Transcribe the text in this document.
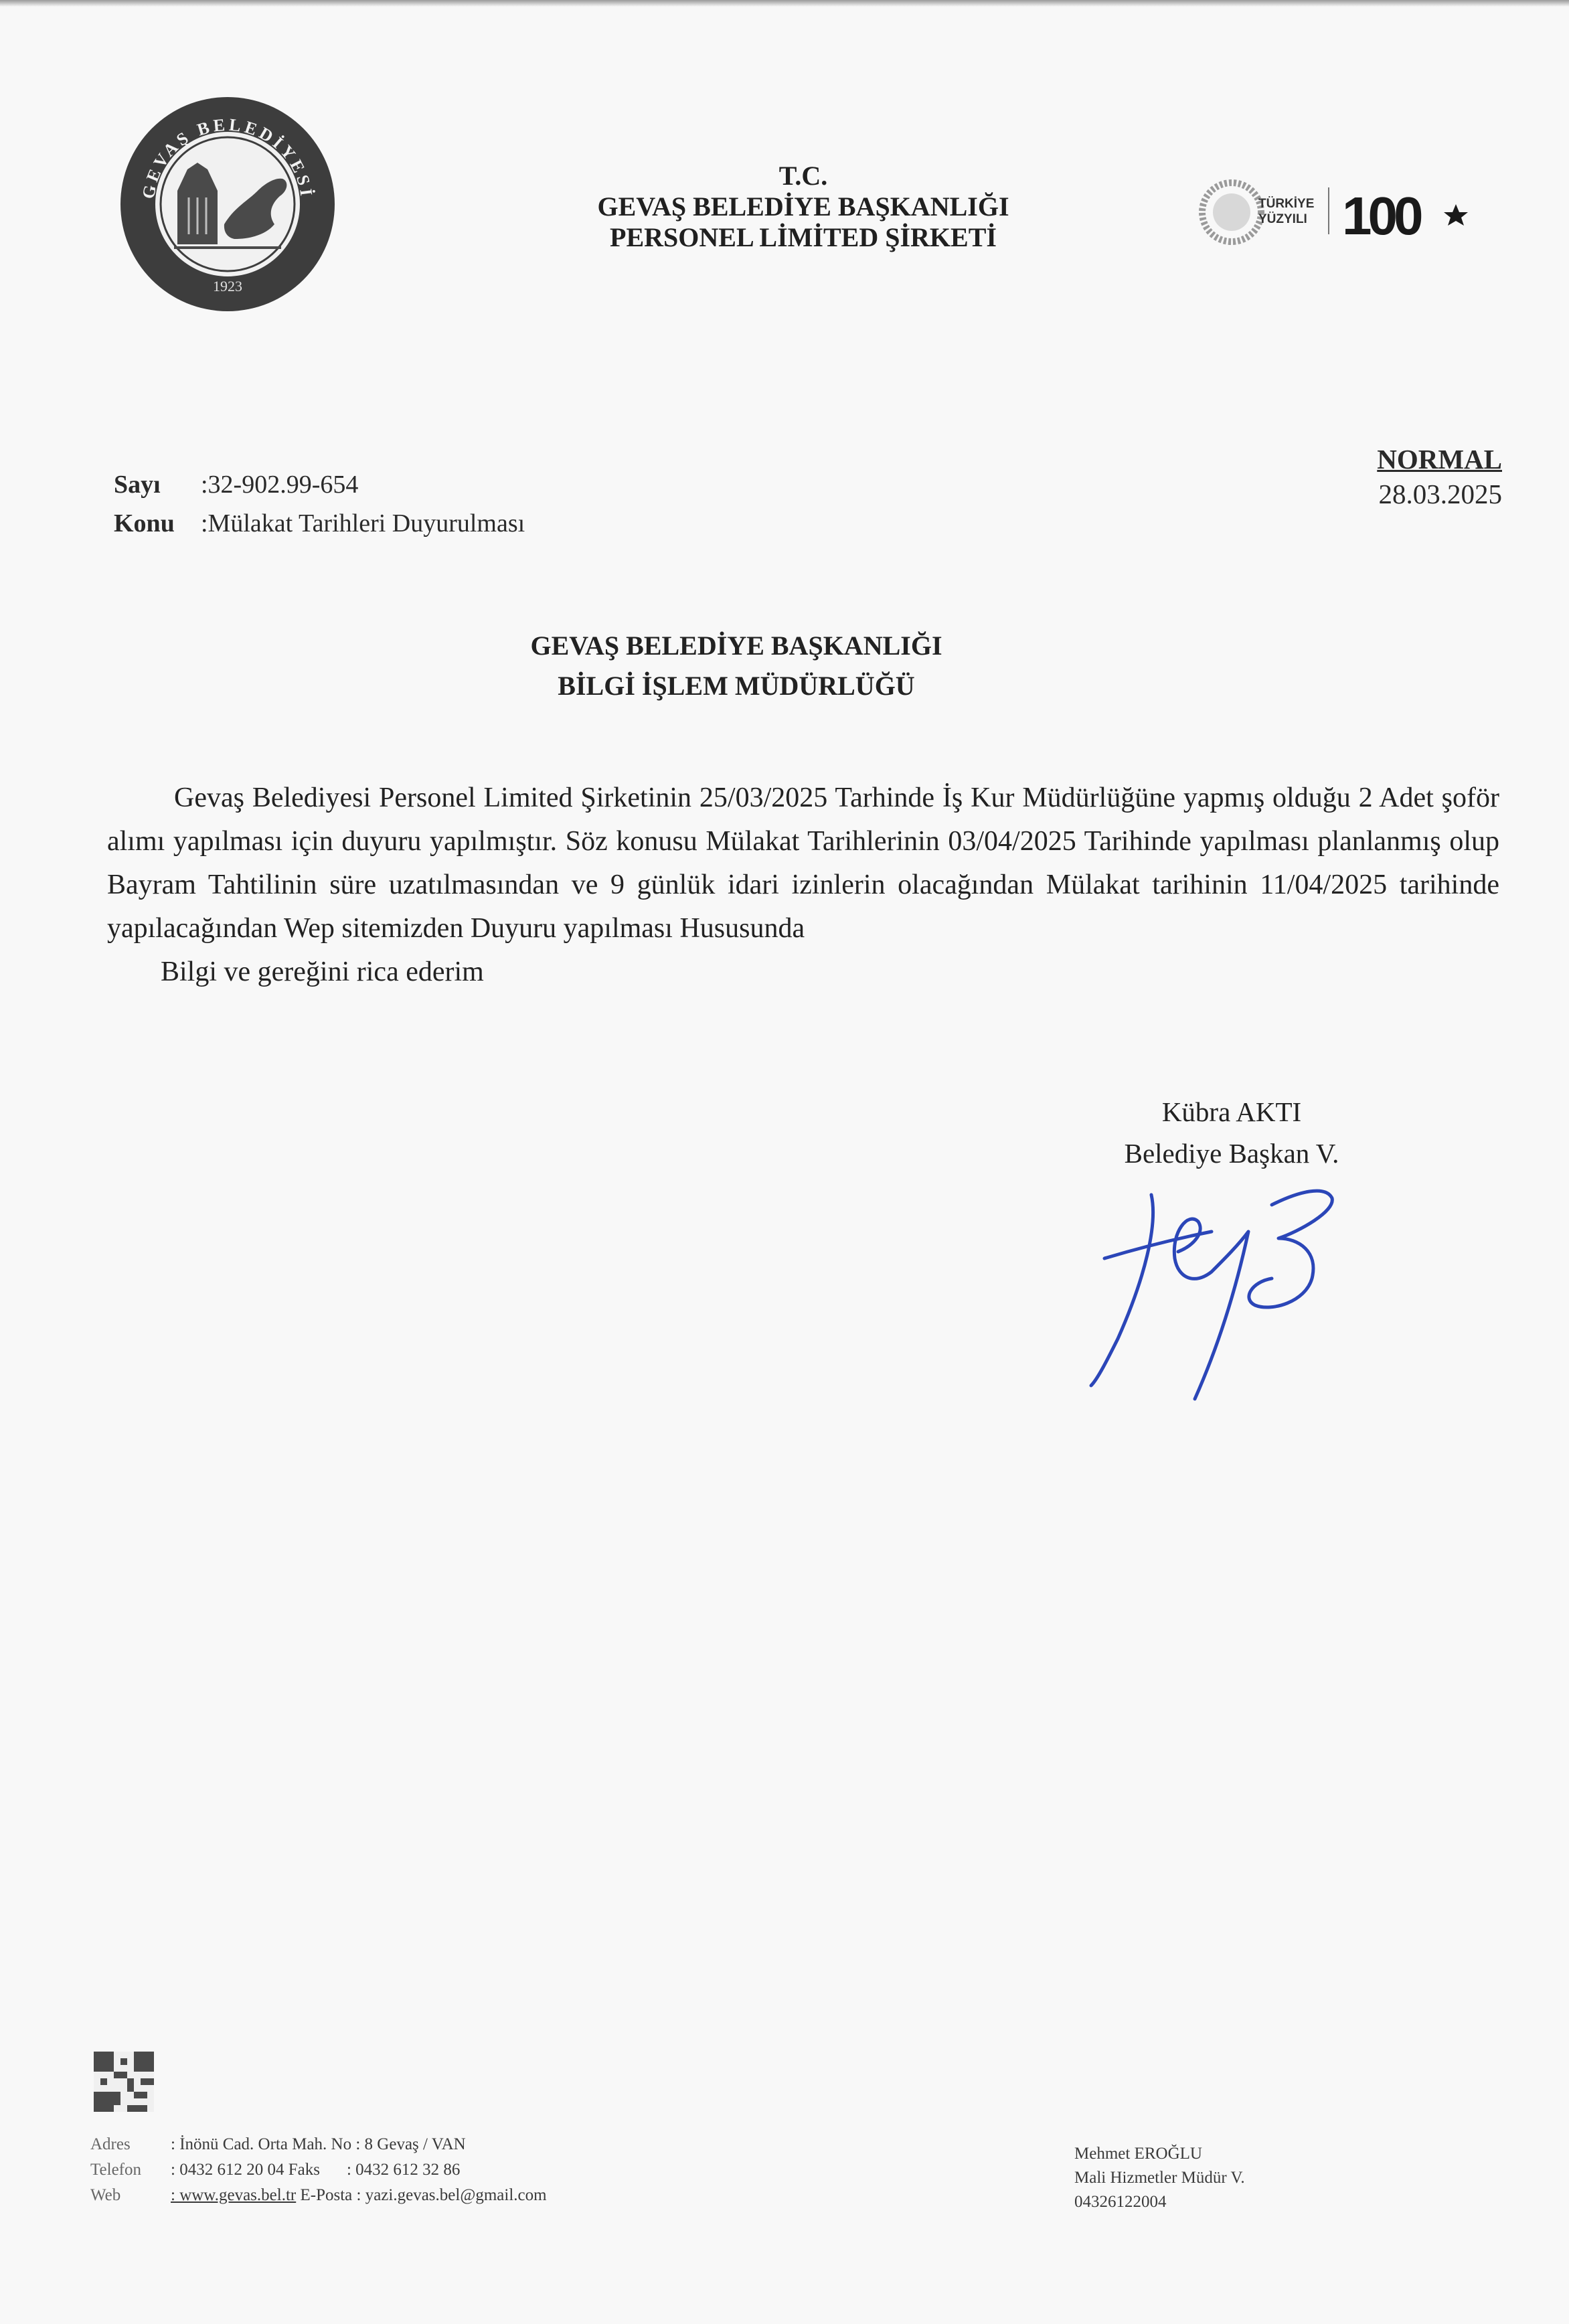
GEVAŞ BELEDİYESİ
1923
T.C.
GEVAŞ BELEDİYE BAŞKANLIĞI
PERSONEL LİMİTED ŞİRKETİ
TÜRKİYE
YÜZYILI 100
Sayı :32-902.99-654
Konu :Mülakat Tarihleri Duyurulması
NORMAL
28.03.2025
GEVAŞ BELEDİYE BAŞKANLIĞI
BİLGİ İŞLEM MÜDÜRLÜĞÜ

Gevaş Belediyesi Personel Limited Şirketinin 25/03/2025 Tarhinde İş Kur Müdürlüğüne yapmış olduğu 2 Adet şoför alımı yapılması için duyuru yapılmıştır. Söz konusu Mülakat Tarihlerinin 03/04/2025 Tarihinde yapılması planlanmış olup Bayram Tahtilinin süre uzatılmasından ve 9 günlük idari izinlerin olacağından Mülakat tarihinin 11/04/2025 tarihinde yapılacağından Wep sitemizden Duyuru yapılması Hususunda

Bilgi ve gereğini rica ederim

Kübra AKTI
Belediye Başkan V.
Adres : İnönü Cad. Orta Mah. No : 8 Gevaş / VAN
Telefon : 0432 612 20 04 Faks : 0432 612 32 86
Web	: www.gevas.bel.tr E-Posta : yazi.gevas.bel@gmail.com
Mehmet EROĞLU
Mali Hizmetler Müdür V.
04326122004
